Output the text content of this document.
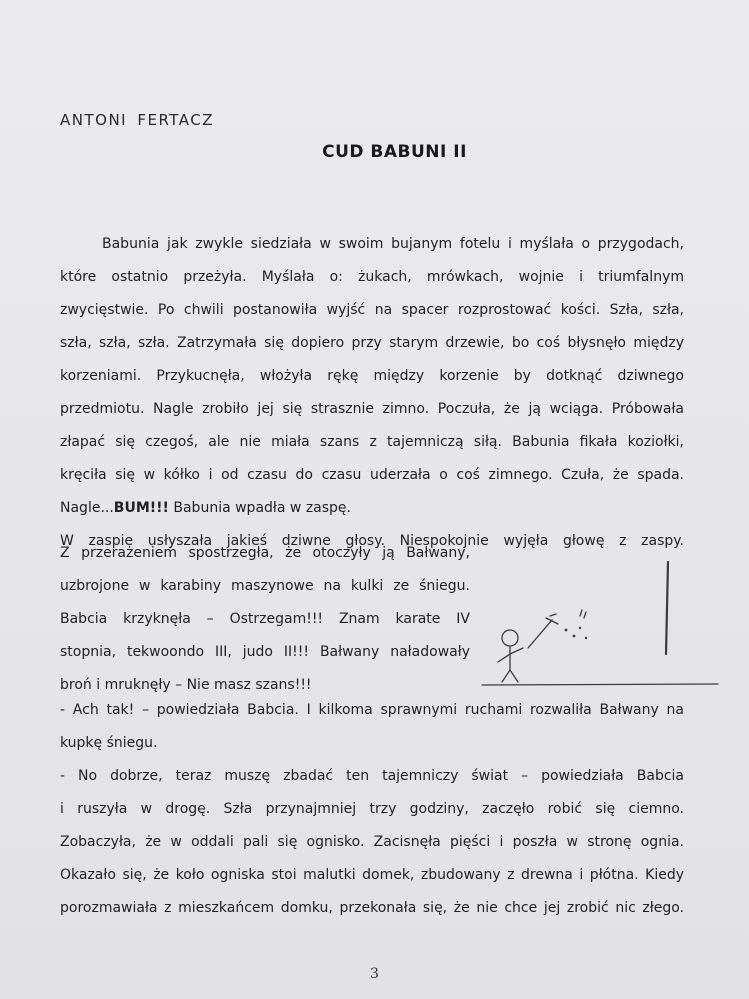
ANTONI FERTACZ
CUD BABUNI II
Babunia jak zwykle siedziała w swoim bujanym fotelu i myślała o przygodach,
które ostatnio przeżyła. Myślała o: żukach, mrówkach, wojnie i triumfalnym
zwycięstwie. Po chwili postanowiła wyjść na spacer rozprostować kości. Szła, szła,
szła, szła, szła. Zatrzymała się dopiero przy starym drzewie, bo coś błysnęło między
korzeniami. Przykucnęła, włożyła rękę między korzenie by dotknąć dziwnego
przedmiotu. Nagle zrobiło jej się strasznie zimno. Poczuła, że ją wciąga. Próbowała
złapać się czegoś, ale nie miała szans z tajemniczą siłą. Babunia fikała koziołki,
kręciła się w kółko i od czasu do czasu uderzała o coś zimnego. Czuła, że spada.
Nagle...BUM!!! Babunia wpadła w zaspę.
W zaspie usłyszała jakieś dziwne głosy. Niespokojnie wyjęła głowę z zaspy.
Z przerażeniem spostrzegła, że otoczyły ją Bałwany,
uzbrojone w karabiny maszynowe na kulki ze śniegu.
Babcia krzyknęła – Ostrzegam!!! Znam karate IV
stopnia, tekwoondo III, judo II!!! Bałwany naładowały
broń i mruknęły – Nie masz szans!!!
- Ach tak! – powiedziała Babcia. I kilkoma sprawnymi ruchami rozwaliła Bałwany na
kupkę śniegu.
- No dobrze, teraz muszę zbadać ten tajemniczy świat – powiedziała Babcia
i ruszyła w drogę. Szła przynajmniej trzy godziny, zaczęło robić się ciemno.
Zobaczyła, że w oddali pali się ognisko. Zacisnęła pięści i poszła w stronę ognia.
Okazało się, że koło ogniska stoi malutki domek, zbudowany z drewna i płótna. Kiedy
porozmawiała z mieszkańcem domku, przekonała się, że nie chce jej zrobić nic złego.
3
